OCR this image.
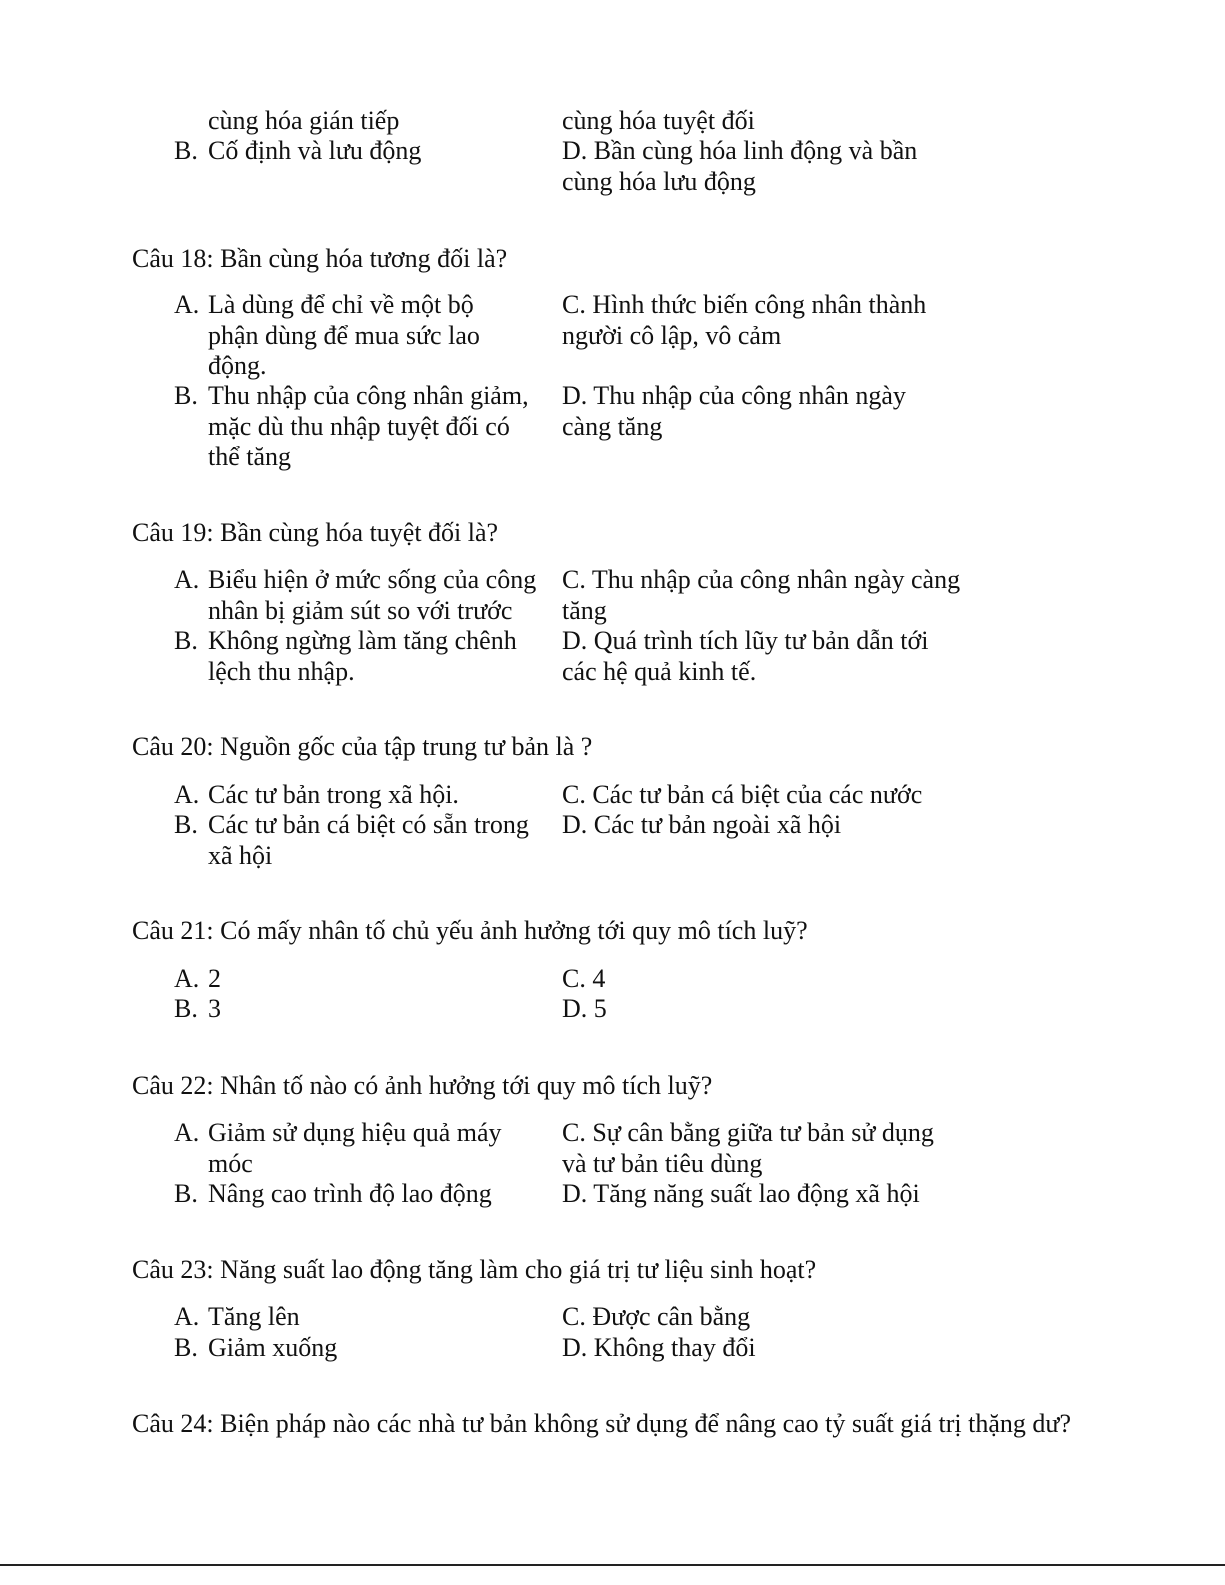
cùng hóa gián tiếp	cùng hóa tuyệt đối
B. Cố định và lưu động	D. Bần cùng hóa linh động và bần
cùng hóa lưu động
Câu 18: Bần cùng hóa tương đối là?
A. Là dùng để chỉ về một bộ
phận dùng để mua sức lao
động.
B. Thu nhập của công nhân giảm,
mặc dù thu nhập tuyệt đối có
thể tăng
C. Hình thức biến công nhân thành
người cô lập, vô cảm
D. Thu nhập của công nhân ngày
càng tăng
Câu 19: Bần cùng hóa tuyệt đối là?
A. Biểu hiện ở mức sống của công
nhân bị giảm sút so với trước
B. Không ngừng làm tăng chênh
lệch thu nhập.
C. Thu nhập của công nhân ngày càng
tăng
D. Quá trình tích lũy tư bản dẫn tới
các hệ quả kinh tế.
Câu 20: Nguồn gốc của tập trung tư bản là ?
A. Các tư bản trong xã hội.
B. Các tư bản cá biệt có sẵn trong
xã hội
C. Các tư bản cá biệt của các nước
D. Các tư bản ngoài xã hội
Câu 21: Có mấy nhân tố chủ yếu ảnh hưởng tới quy mô tích luỹ?
A. 2
B. 3
C. 4
D. 5
Câu 22: Nhân tố nào có ảnh hưởng tới quy mô tích luỹ?
A. Giảm sử dụng hiệu quả máy
móc
B. Nâng cao trình độ lao động
C. Sự cân bằng giữa tư bản sử dụng
và tư bản tiêu dùng
D. Tăng năng suất lao động xã hội
Câu 23: Năng suất lao động tăng làm cho giá trị tư liệu sinh hoạt?
A. Tăng lên
B. Giảm xuống
C. Được cân bằng
D. Không thay đổi
Câu 24: Biện pháp nào các nhà tư bản không sử dụng để nâng cao tỷ suất giá trị thặng dư?
